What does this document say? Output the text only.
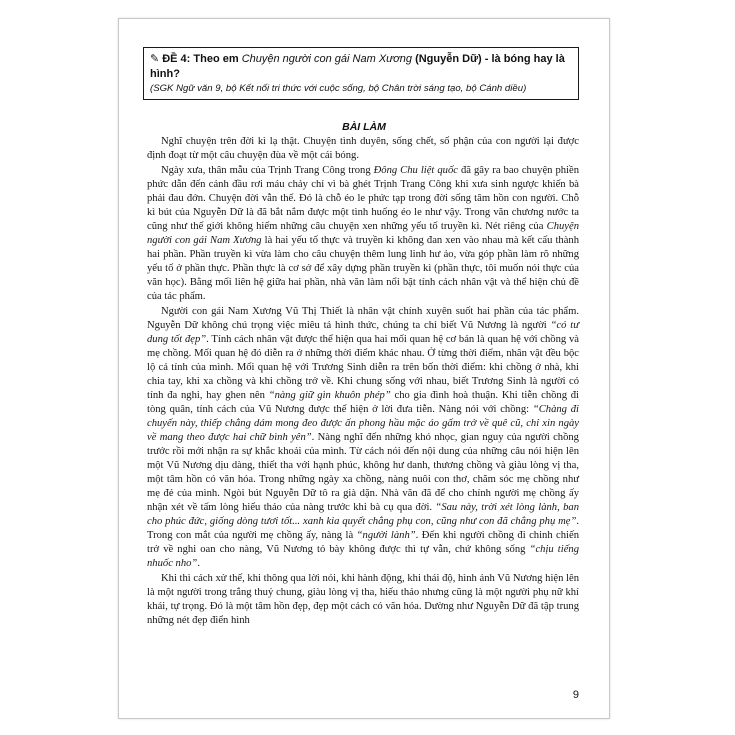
✎ ĐỀ 4: Theo em Chuyện người con gái Nam Xương (Nguyễn Dữ) - là bóng hay là hình?
(SGK Ngữ văn 9, bộ Kết nối tri thức với cuộc sống, bộ Chân trời sáng tạo, bộ Cánh diều)
BÀI LÀM

Nghĩ chuyện trên đời kì lạ thật. Chuyện tình duyên, sống chết, số phận của con người lại được định đoạt từ một câu chuyện đùa về một cái bóng.

Ngày xưa, thân mẫu của Trịnh Trang Công trong Đông Chu liệt quốc đã gây ra bao chuyện phiền phức dẫn đến cảnh đầu rơi máu chảy chỉ vì bà ghét Trịnh Trang Công khi xưa sinh ngược khiến bà phải đau đớn. Chuyện đời vẫn thế. Đó là chỗ éo le phức tạp trong đời sống tâm hồn con người. Chỗ kì bút của Nguyễn Dữ là đã bắt nắm được một tình huống éo le như vậy. Trong văn chương nước ta cũng như thế giới không hiếm những câu chuyện xen những yếu tố truyền kì. Nét riêng của Chuyện người con gái Nam Xương là hai yếu tố thực và truyền kì không đan xen vào nhau mà kết cấu thành hai phần. Phần truyền kì vừa làm cho câu chuyện thêm lung linh hư ảo, vừa góp phần làm rõ những yếu tố ở phần thực. Phần thực là cơ sở để xây dựng phần truyền kì (phần thực, tôi muốn nói thực của văn học). Bằng mối liên hệ giữa hai phần, nhà văn làm nổi bật tính cách nhân vật và thể hiện chủ đề của tác phẩm.

Người con gái Nam Xương Vũ Thị Thiết là nhân vật chính xuyên suốt hai phần của tác phẩm. Nguyễn Dữ không chú trọng việc miêu tả hình thức, chúng ta chỉ biết Vũ Nương là người “có tư dung tốt đẹp”. Tính cách nhân vật được thể hiện qua hai mối quan hệ cơ bản là quan hệ với chồng và mẹ chồng. Mối quan hệ đó diễn ra ở những thời điểm khác nhau. Ở từng thời điểm, nhân vật đều bộc lộ cá tính của mình. Mối quan hệ với Trương Sinh diễn ra trên bốn thời điểm: khi chồng ở nhà, khi chia tay, khi xa chồng và khi chồng trở về. Khi chung sống với nhau, biết Trương Sinh là người có tính đa nghi, hay ghen nên “nàng giữ gìn khuôn phép” cho gia đình hoà thuận. Khi tiễn chồng đi tòng quân, tính cách của Vũ Nương được thể hiện ở lời đưa tiễn. Nàng nói với chồng: “Chàng đi chuyến này, thiếp chẳng dám mong đeo được ấn phong hầu mặc áo gấm trở về quê cũ, chỉ xin ngày về mang theo được hai chữ bình yên”. Nàng nghĩ đến những khó nhọc, gian nguy của người chồng trước rồi mới nhận ra sự khắc khoải của mình. Từ cách nói đến nội dung của những câu nói hiện lên một Vũ Nương dịu dàng, thiết tha với hạnh phúc, không hư danh, thương chồng và giàu lòng vị tha, một tâm hồn có văn hóa. Trong những ngày xa chồng, nàng nuôi con thơ, chăm sóc mẹ chồng như mẹ đẻ của mình. Ngòi bút Nguyễn Dữ tô ra già dặn. Nhà văn đã để cho chính người mẹ chồng ấy nhận xét về tấm lòng hiếu thảo của nàng trước khi bà cụ qua đời. “Sau này, trời xét lòng lành, ban cho phúc đức, giống dòng tươi tốt... xanh kia quyết chẳng phụ con, cũng như con đã chẳng phụ mẹ”. Trong con mắt của người mẹ chồng ấy, nàng là “người lành”. Đến khi người chồng đi chinh chiến trở về nghi oan cho nàng, Vũ Nương tỏ bày không được thì tự vẫn, chứ không sống “chịu tiếng nhuốc nho”.

Khi thì cách xử thế, khi thông qua lời nói, khi hành động, khi thái độ, hình ảnh Vũ Nương hiện lên là một người trong trắng thuỷ chung, giàu lòng vị tha, hiếu thảo nhưng cũng là một người phụ nữ khí khái, tự trọng. Đó là một tâm hồn đẹp, đẹp một cách có văn hóa. Dường như Nguyễn Dữ đã tập trung những nét đẹp điển hình

9
